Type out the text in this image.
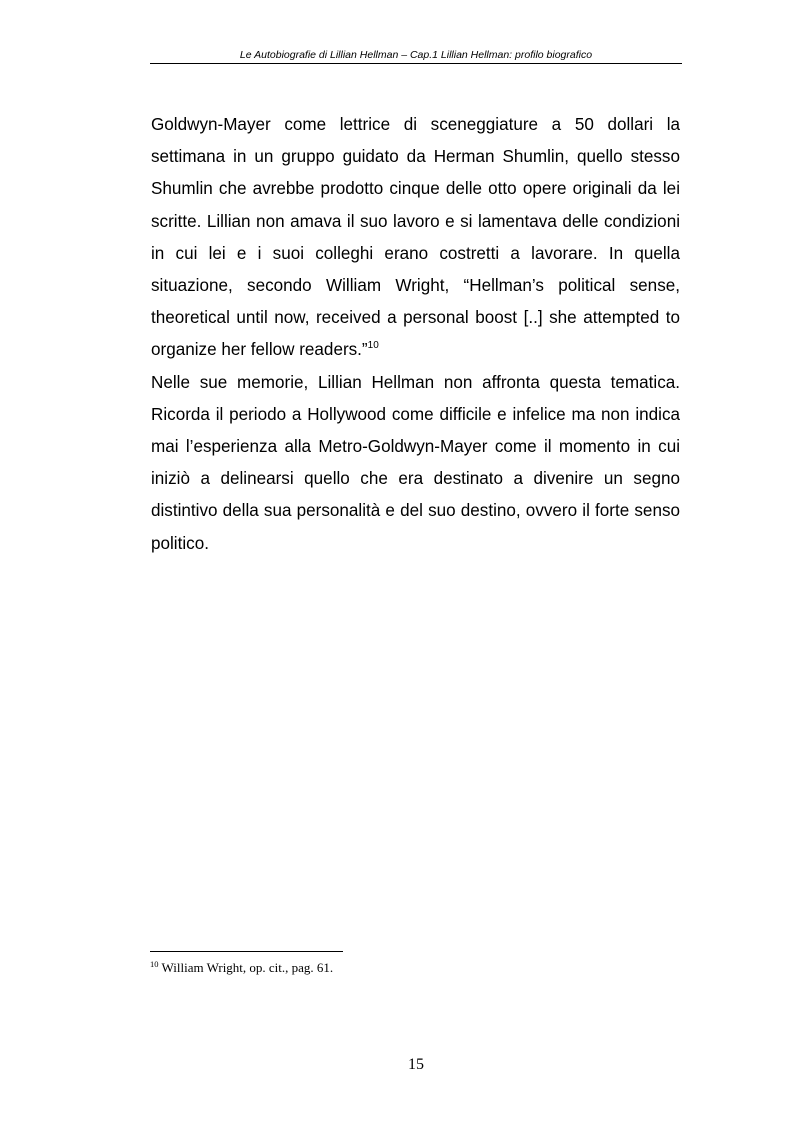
Le Autobiografie di Lillian Hellman – Cap.1 Lillian Hellman: profilo biografico

Goldwyn-Mayer come lettrice di sceneggiature a 50 dollari la settimana in un gruppo guidato da Herman Shumlin, quello stesso Shumlin che avrebbe prodotto cinque delle otto opere originali da lei scritte. Lillian non amava il suo lavoro e si lamentava delle condizioni in cui lei e i suoi colleghi erano costretti a lavorare. In quella situazione, secondo William Wright, “Hellman’s political sense, theoretical until now, received a personal boost [..] she attempted to organize her fellow readers.”$^{10}$

Nelle sue memorie, Lillian Hellman non affronta questa tematica. Ricorda il periodo a Hollywood come difficile e infelice ma non indica mai l’esperienza alla Metro-Goldwyn-Mayer come il momento in cui iniziò a delinearsi quello che era destinato a divenire un segno distintivo della sua personalità e del suo destino, ovvero il forte senso politico.

$^{10}$ William Wright, op. cit., pag. 61.
15
